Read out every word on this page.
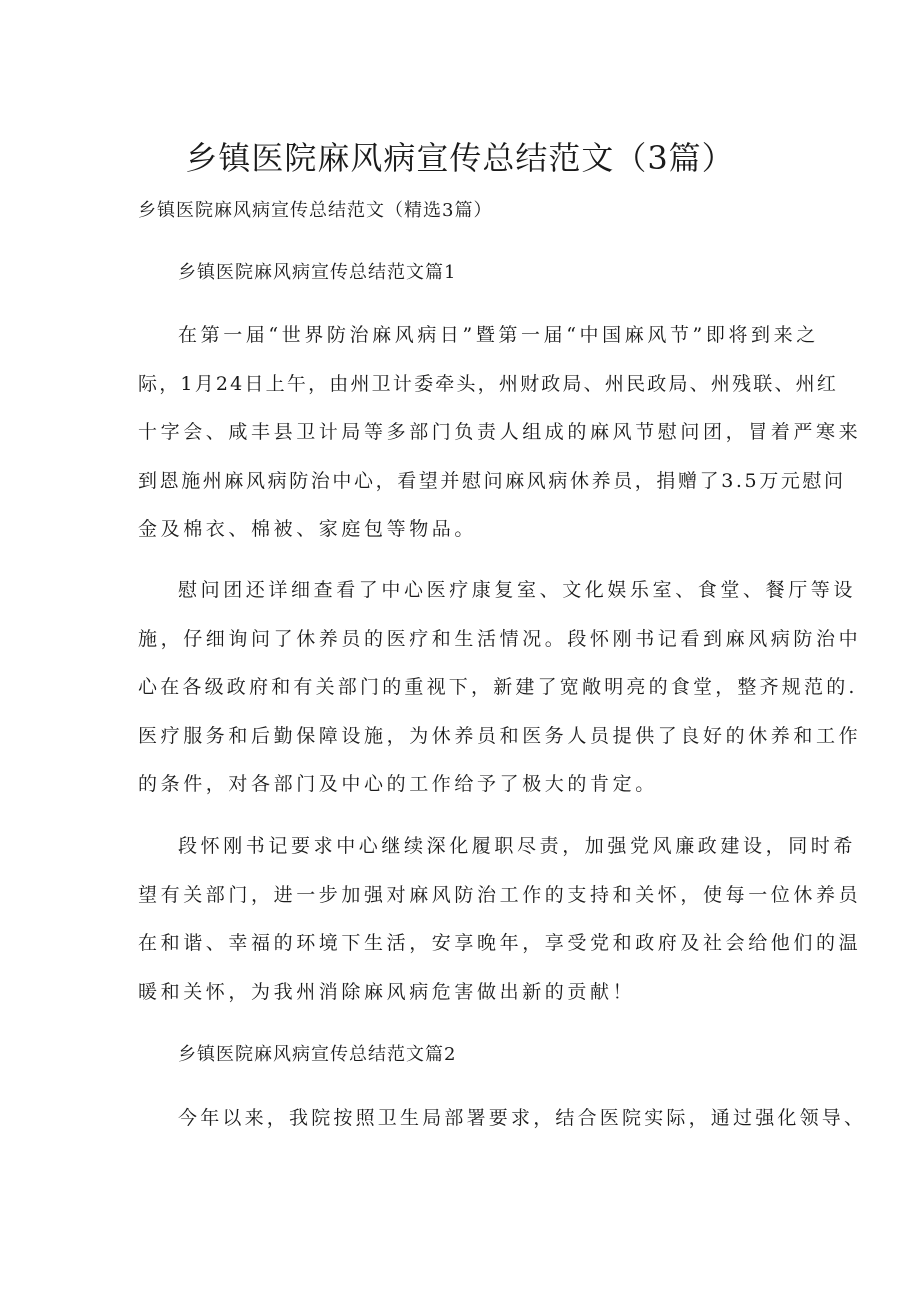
乡镇医院麻风病宣传总结范文（3篇）

乡镇医院麻风病宣传总结范文（精选3篇）

乡镇医院麻风病宣传总结范文篇1

在第一届“世界防治麻风病日”暨第一届“中国麻风节”即将到来之
际，1月24日上午，由州卫计委牵头，州财政局、州民政局、州残联、州红
十字会、咸丰县卫计局等多部门负责人组成的麻风节慰问团，冒着严寒来
到恩施州麻风病防治中心，看望并慰问麻风病休养员，捐赠了3.5万元慰问
金及棉衣、棉被、家庭包等物品。

慰问团还详细查看了中心医疗康复室、文化娱乐室、食堂、餐厅等设
施，仔细询问了休养员的医疗和生活情况。段怀刚书记看到麻风病防治中
心在各级政府和有关部门的重视下，新建了宽敞明亮的食堂，整齐规范的.
医疗服务和后勤保障设施，为休养员和医务人员提供了良好的休养和工作
的条件，对各部门及中心的工作给予了极大的肯定。

段怀刚书记要求中心继续深化履职尽责，加强党风廉政建设，同时希
望有关部门，进一步加强对麻风防治工作的支持和关怀，使每一位休养员
在和谐、幸福的环境下生活，安享晚年，享受党和政府及社会给他们的温
暖和关怀，为我州消除麻风病危害做出新的贡献！

乡镇医院麻风病宣传总结范文篇2

今年以来，我院按照卫生局部署要求，结合医院实际，通过强化领导、
